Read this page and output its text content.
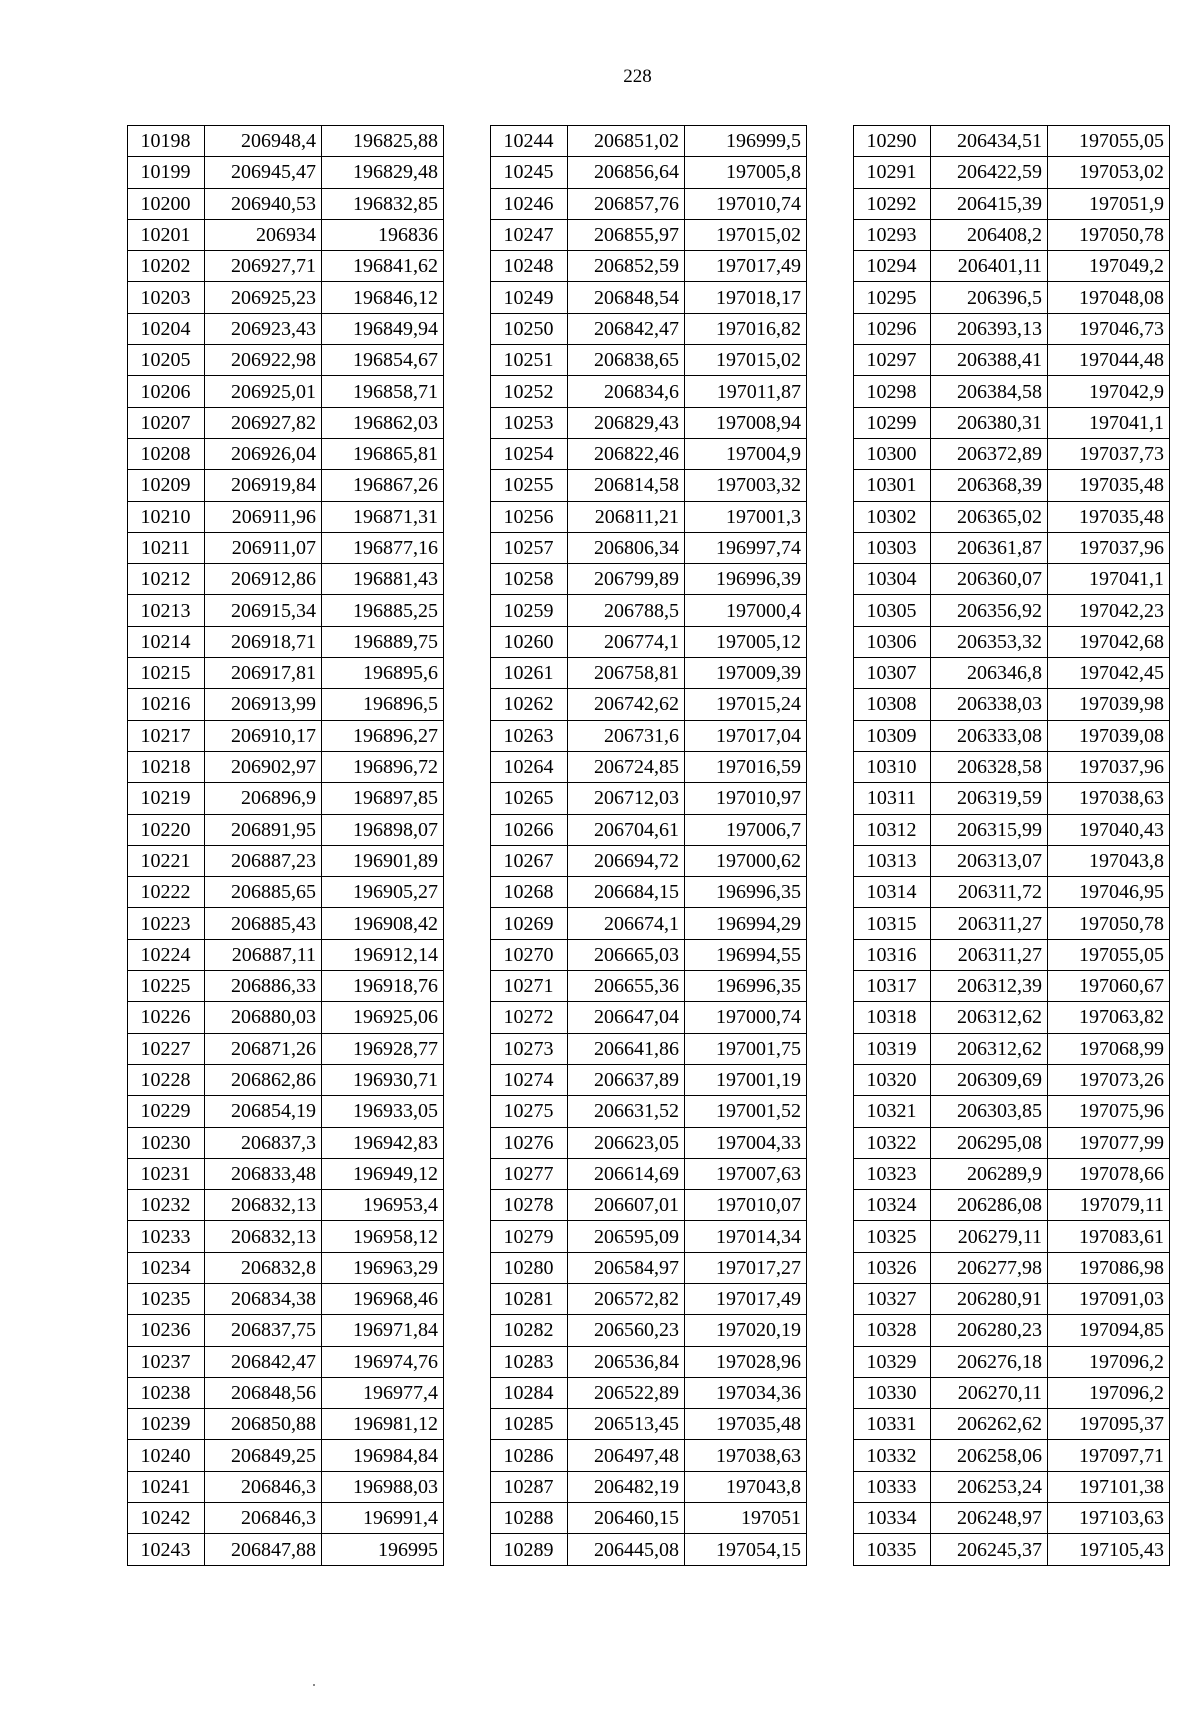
228
10198	206948,4	196825,88
10199	206945,47	196829,48
10200	206940,53	196832,85
10201	206934	196836
10202	206927,71	196841,62
10203	206925,23	196846,12
10204	206923,43	196849,94
10205	206922,98	196854,67
10206	206925,01	196858,71
10207	206927,82	196862,03
10208	206926,04	196865,81
10209	206919,84	196867,26
10210	206911,96	196871,31
10211	206911,07	196877,16
10212	206912,86	196881,43
10213	206915,34	196885,25
10214	206918,71	196889,75
10215	206917,81	196895,6
10216	206913,99	196896,5
10217	206910,17	196896,27
10218	206902,97	196896,72
10219	206896,9	196897,85
10220	206891,95	196898,07
10221	206887,23	196901,89
10222	206885,65	196905,27
10223	206885,43	196908,42
10224	206887,11	196912,14
10225	206886,33	196918,76
10226	206880,03	196925,06
10227	206871,26	196928,77
10228	206862,86	196930,71
10229	206854,19	196933,05
10230	206837,3	196942,83
10231	206833,48	196949,12
10232	206832,13	196953,4
10233	206832,13	196958,12
10234	206832,8	196963,29
10235	206834,38	196968,46
10236	206837,75	196971,84
10237	206842,47	196974,76
10238	206848,56	196977,4
10239	206850,88	196981,12
10240	206849,25	196984,84
10241	206846,3	196988,03
10242	206846,3	196991,4
10243	206847,88	196995
10244	206851,02	196999,5
10245	206856,64	197005,8
10246	206857,76	197010,74
10247	206855,97	197015,02
10248	206852,59	197017,49
10249	206848,54	197018,17
10250	206842,47	197016,82
10251	206838,65	197015,02
10252	206834,6	197011,87
10253	206829,43	197008,94
10254	206822,46	197004,9
10255	206814,58	197003,32
10256	206811,21	197001,3
10257	206806,34	196997,74
10258	206799,89	196996,39
10259	206788,5	197000,4
10260	206774,1	197005,12
10261	206758,81	197009,39
10262	206742,62	197015,24
10263	206731,6	197017,04
10264	206724,85	197016,59
10265	206712,03	197010,97
10266	206704,61	197006,7
10267	206694,72	197000,62
10268	206684,15	196996,35
10269	206674,1	196994,29
10270	206665,03	196994,55
10271	206655,36	196996,35
10272	206647,04	197000,74
10273	206641,86	197001,75
10274	206637,89	197001,19
10275	206631,52	197001,52
10276	206623,05	197004,33
10277	206614,69	197007,63
10278	206607,01	197010,07
10279	206595,09	197014,34
10280	206584,97	197017,27
10281	206572,82	197017,49
10282	206560,23	197020,19
10283	206536,84	197028,96
10284	206522,89	197034,36
10285	206513,45	197035,48
10286	206497,48	197038,63
10287	206482,19	197043,8
10288	206460,15	197051
10289	206445,08	197054,15
10290	206434,51	197055,05
10291	206422,59	197053,02
10292	206415,39	197051,9
10293	206408,2	197050,78
10294	206401,11	197049,2
10295	206396,5	197048,08
10296	206393,13	197046,73
10297	206388,41	197044,48
10298	206384,58	197042,9
10299	206380,31	197041,1
10300	206372,89	197037,73
10301	206368,39	197035,48
10302	206365,02	197035,48
10303	206361,87	197037,96
10304	206360,07	197041,1
10305	206356,92	197042,23
10306	206353,32	197042,68
10307	206346,8	197042,45
10308	206338,03	197039,98
10309	206333,08	197039,08
10310	206328,58	197037,96
10311	206319,59	197038,63
10312	206315,99	197040,43
10313	206313,07	197043,8
10314	206311,72	197046,95
10315	206311,27	197050,78
10316	206311,27	197055,05
10317	206312,39	197060,67
10318	206312,62	197063,82
10319	206312,62	197068,99
10320	206309,69	197073,26
10321	206303,85	197075,96
10322	206295,08	197077,99
10323	206289,9	197078,66
10324	206286,08	197079,11
10325	206279,11	197083,61
10326	206277,98	197086,98
10327	206280,91	197091,03
10328	206280,23	197094,85
10329	206276,18	197096,2
10330	206270,11	197096,2
10331	206262,62	197095,37
10332	206258,06	197097,71
10333	206253,24	197101,38
10334	206248,97	197103,63
10335	206245,37	197105,43
